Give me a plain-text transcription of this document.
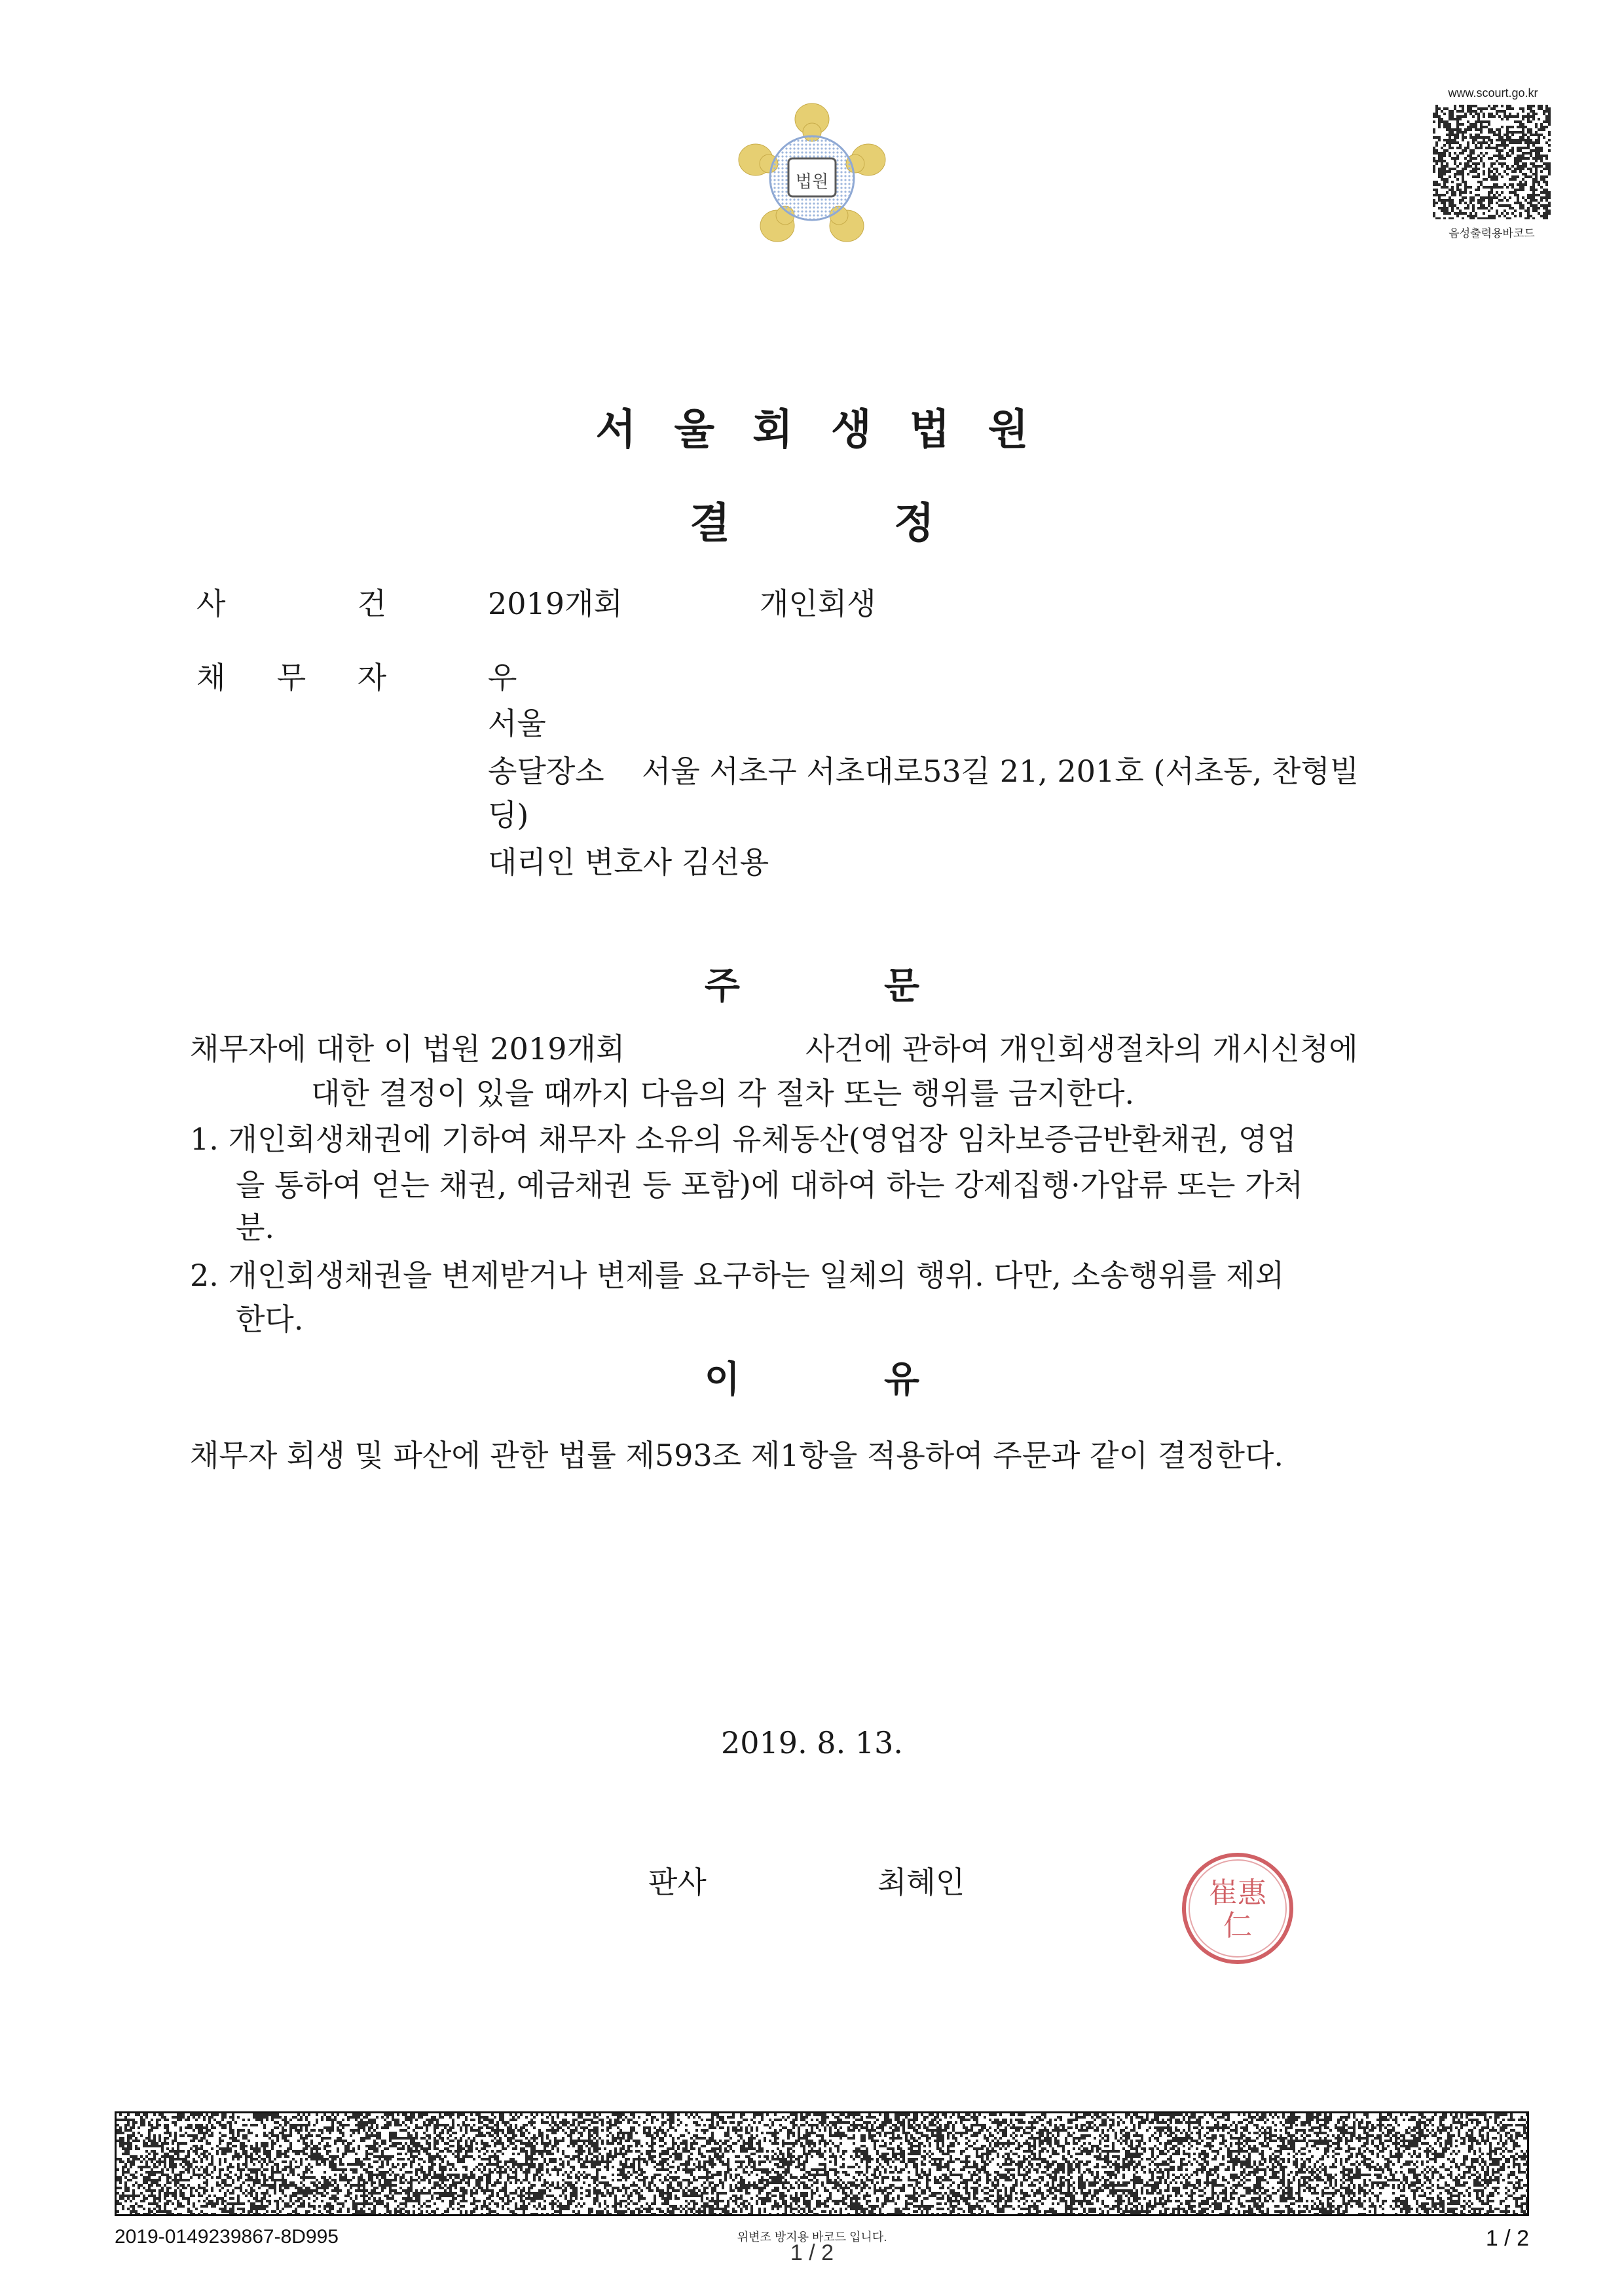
법원
www.scourt.go.kr
음성출력용바코드
서울회생법원
결정
사	건	2019개회	개인회생
채 무 자	우
서울
송달장소 서울 서초구 서초대로53길 21, 201호 (서초동, 찬형빌
딩)
대리인 변호사 김선용
주문
채무자에 대한 이 법원 2019개회	사건에 관하여 개인회생절차의 개시신청에
대한 결정이 있을 때까지 다음의 각 절차 또는 행위를 금지한다.
1. 개인회생채권에 기하여 채무자 소유의 유체동산(영업장 임차보증금반환채권, 영업
을 통하여 얻는 채권, 예금채권 등 포함)에 대하여 하는 강제집행·가압류 또는 가처
분.
2. 개인회생채권을 변제받거나 변제를 요구하는 일체의 행위. 다만, 소송행위를 제외
한다.
이유
채무자 회생 및 파산에 관한 법률 제593조 제1항을 적용하여 주문과 같이 결정한다.
2019. 8. 13.
판사	최혜인	崔惠仁
2019-0149239867-8D995	위변조 방지용 바코드 입니다.
1 / 2
1 / 2
